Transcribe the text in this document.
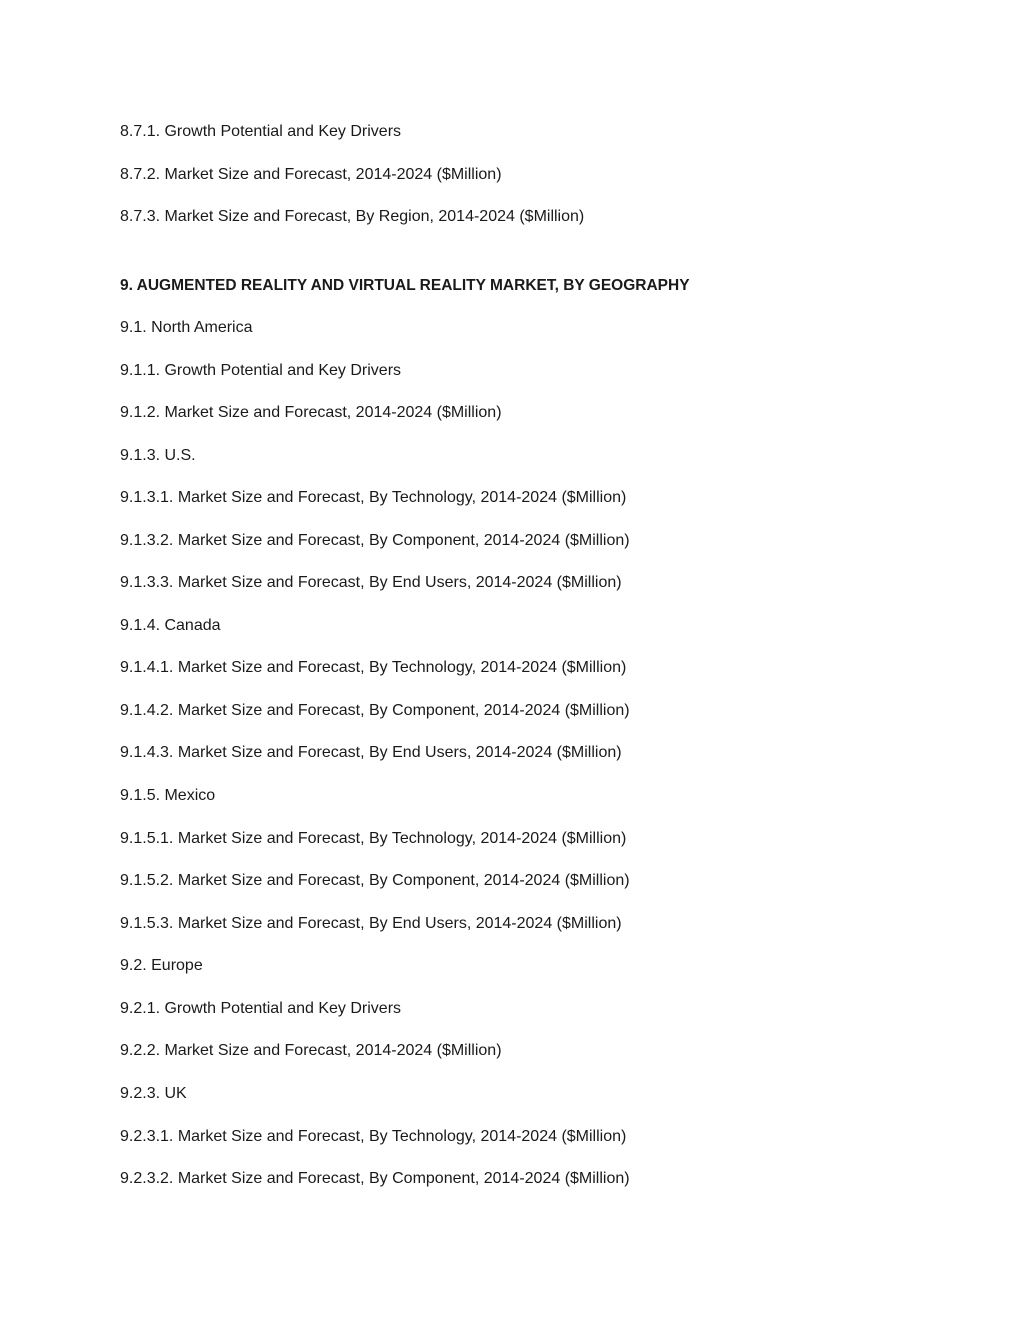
8.7.1. Growth Potential and Key Drivers
8.7.2. Market Size and Forecast, 2014-2024 ($Million)
8.7.3. Market Size and Forecast, By Region, 2014-2024 ($Million)
9. AUGMENTED REALITY AND VIRTUAL REALITY MARKET, BY GEOGRAPHY
9.1. North America
9.1.1. Growth Potential and Key Drivers
9.1.2. Market Size and Forecast, 2014-2024 ($Million)
9.1.3. U.S.
9.1.3.1. Market Size and Forecast, By Technology, 2014-2024 ($Million)
9.1.3.2. Market Size and Forecast, By Component, 2014-2024 ($Million)
9.1.3.3. Market Size and Forecast, By End Users, 2014-2024 ($Million)
9.1.4. Canada
9.1.4.1. Market Size and Forecast, By Technology, 2014-2024 ($Million)
9.1.4.2. Market Size and Forecast, By Component, 2014-2024 ($Million)
9.1.4.3. Market Size and Forecast, By End Users, 2014-2024 ($Million)
9.1.5. Mexico
9.1.5.1. Market Size and Forecast, By Technology, 2014-2024 ($Million)
9.1.5.2. Market Size and Forecast, By Component, 2014-2024 ($Million)
9.1.5.3. Market Size and Forecast, By End Users, 2014-2024 ($Million)
9.2. Europe
9.2.1. Growth Potential and Key Drivers
9.2.2. Market Size and Forecast, 2014-2024 ($Million)
9.2.3. UK
9.2.3.1. Market Size and Forecast, By Technology, 2014-2024 ($Million)
9.2.3.2. Market Size and Forecast, By Component, 2014-2024 ($Million)
